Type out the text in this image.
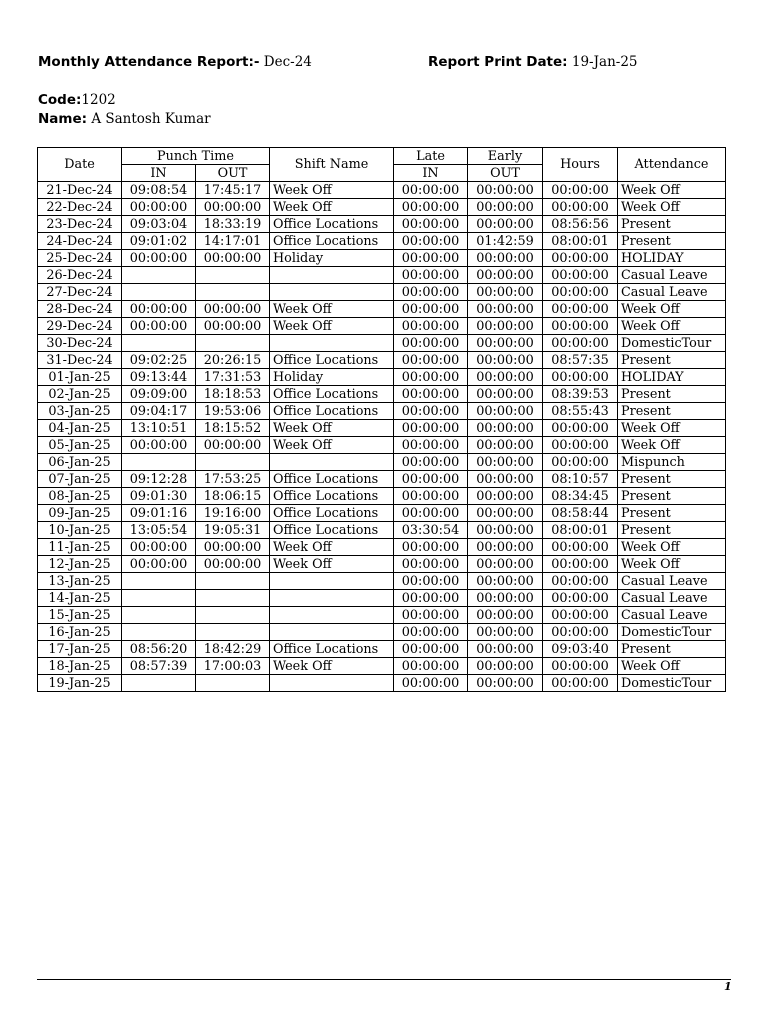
Monthly Attendance Report:- Dec-24	Report Print Date: 19-Jan-25
Code:1202
Name: A Santosh Kumar
Date	Punch Time		Shift Name	Late	Early	Hours	Attendance
	IN	OUT		IN	OUT		
21-Dec-24	09:08:54	17:45:17	Week Off	00:00:00	00:00:00	00:00:00	Week Off
22-Dec-24	00:00:00	00:00:00	Week Off	00:00:00	00:00:00	00:00:00	Week Off
23-Dec-24	09:03:04	18:33:19	Office Locations	00:00:00	00:00:00	08:56:56	Present
24-Dec-24	09:01:02	14:17:01	Office Locations	00:00:00	01:42:59	08:00:01	Present
25-Dec-24	00:00:00	00:00:00	Holiday	00:00:00	00:00:00	00:00:00	HOLIDAY
26-Dec-24				00:00:00	00:00:00	00:00:00	Casual Leave
27-Dec-24				00:00:00	00:00:00	00:00:00	Casual Leave
28-Dec-24	00:00:00	00:00:00	Week Off	00:00:00	00:00:00	00:00:00	Week Off
29-Dec-24	00:00:00	00:00:00	Week Off	00:00:00	00:00:00	00:00:00	Week Off
30-Dec-24				00:00:00	00:00:00	00:00:00	DomesticTour
31-Dec-24	09:02:25	20:26:15	Office Locations	00:00:00	00:00:00	08:57:35	Present
01-Jan-25	09:13:44	17:31:53	Holiday	00:00:00	00:00:00	00:00:00	HOLIDAY
02-Jan-25	09:09:00	18:18:53	Office Locations	00:00:00	00:00:00	08:39:53	Present
03-Jan-25	09:04:17	19:53:06	Office Locations	00:00:00	00:00:00	08:55:43	Present
04-Jan-25	13:10:51	18:15:52	Week Off	00:00:00	00:00:00	00:00:00	Week Off
05-Jan-25	00:00:00	00:00:00	Week Off	00:00:00	00:00:00	00:00:00	Week Off
06-Jan-25				00:00:00	00:00:00	00:00:00	Mispunch
07-Jan-25	09:12:28	17:53:25	Office Locations	00:00:00	00:00:00	08:10:57	Present
08-Jan-25	09:01:30	18:06:15	Office Locations	00:00:00	00:00:00	08:34:45	Present
09-Jan-25	09:01:16	19:16:00	Office Locations	00:00:00	00:00:00	08:58:44	Present
10-Jan-25	13:05:54	19:05:31	Office Locations	03:30:54	00:00:00	08:00:01	Present
11-Jan-25	00:00:00	00:00:00	Week Off	00:00:00	00:00:00	00:00:00	Week Off
12-Jan-25	00:00:00	00:00:00	Week Off	00:00:00	00:00:00	00:00:00	Week Off
13-Jan-25				00:00:00	00:00:00	00:00:00	Casual Leave
14-Jan-25				00:00:00	00:00:00	00:00:00	Casual Leave
15-Jan-25				00:00:00	00:00:00	00:00:00	Casual Leave
16-Jan-25				00:00:00	00:00:00	00:00:00	DomesticTour
17-Jan-25	08:56:20	18:42:29	Office Locations	00:00:00	00:00:00	09:03:40	Present
18-Jan-25	08:57:39	17:00:03	Week Off	00:00:00	00:00:00	00:00:00	Week Off
19-Jan-25				00:00:00	00:00:00	00:00:00	DomesticTour
1
